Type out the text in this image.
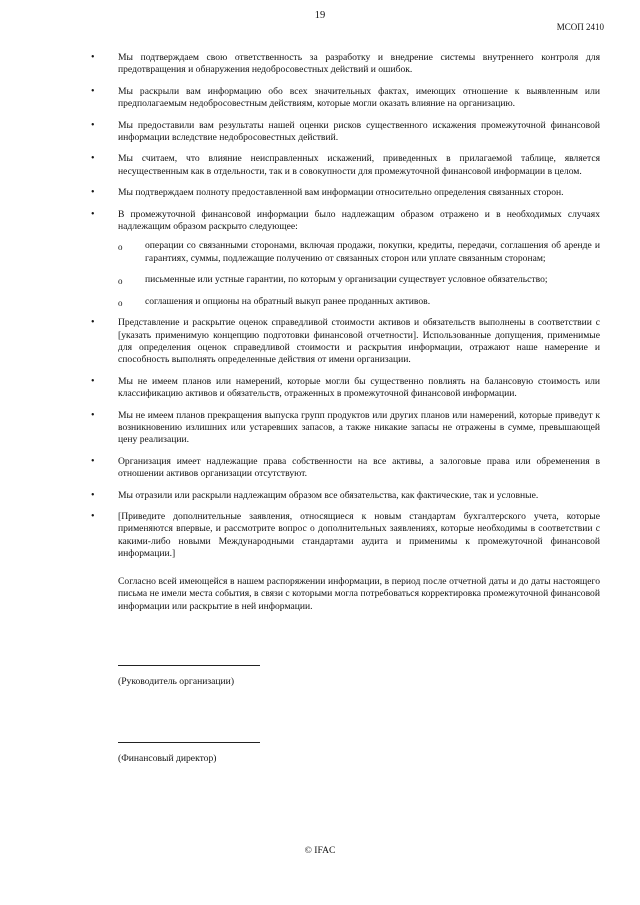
19
МСОП 2410
• Мы подтверждаем свою ответственность за разработку и внедрение системы внутреннего контроля для предотвращения и обнаружения недобросовестных действий и ошибок.
• Мы раскрыли вам информацию обо всех значительных фактах, имеющих отношение к выявленным или предполагаемым недобросовестным действиям, которые могли оказать влияние на организацию.
• Мы предоставили вам результаты нашей оценки рисков существенного искажения промежуточной финансовой информации вследствие недобросовестных действий.
• Мы считаем, что влияние неисправленных искажений, приведенных в прилагаемой таблице, является несущественным как в отдельности, так и в совокупности для промежуточной финансовой информации в целом.
• Мы подтверждаем полноту предоставленной вам информации относительно определения связанных сторон.
• В промежуточной финансовой информации было надлежащим образом отражено и в необходимых случаях надлежащим образом раскрыто следующее:
o операции со связанными сторонами, включая продажи, покупки, кредиты, передачи, соглашения об аренде и гарантиях, суммы, подлежащие получению от связанных сторон или уплате связанным сторонам;
o письменные или устные гарантии, по которым у организации существует условное обязательство;
o соглашения и опционы на обратный выкуп ранее проданных активов.
• Представление и раскрытие оценок справедливой стоимости активов и обязательств выполнены в соответствии с [указать применимую концепцию подготовки финансовой отчетности]. Использованные допущения, применимые для определения оценок справедливой стоимости и раскрытия информации, отражают наше намерение и способность выполнять определенные действия от имени организации.
• Мы не имеем планов или намерений, которые могли бы существенно повлиять на балансовую стоимость или классификацию активов и обязательств, отраженных в промежуточной финансовой информации.
• Мы не имеем планов прекращения выпуска групп продуктов или других планов или намерений, которые приведут к возникновению излишних или устаревших запасов, а также никакие запасы не отражены в сумме, превышающей цену реализации.
• Организация имеет надлежащие права собственности на все активы, а залоговые права или обременения в отношении активов организации отсутствуют.
• Мы отразили или раскрыли надлежащим образом все обязательства, как фактические, так и условные.
• [Приведите дополнительные заявления, относящиеся к новым стандартам бухгалтерского учета, которые применяются впервые, и рассмотрите вопрос о дополнительных заявлениях, которые необходимы в соответствии с какими-либо новыми Международными стандартами аудита и применимы к промежуточной финансовой информации.]
Согласно всей имеющейся в нашем распоряжении информации, в период после отчетной даты и до даты настоящего письма не имели места события, в связи с которыми могла потребоваться корректировка промежуточной финансовой информации или раскрытие в ней информации.
(Руководитель организации)
(Финансовый директор)
© IFAC
